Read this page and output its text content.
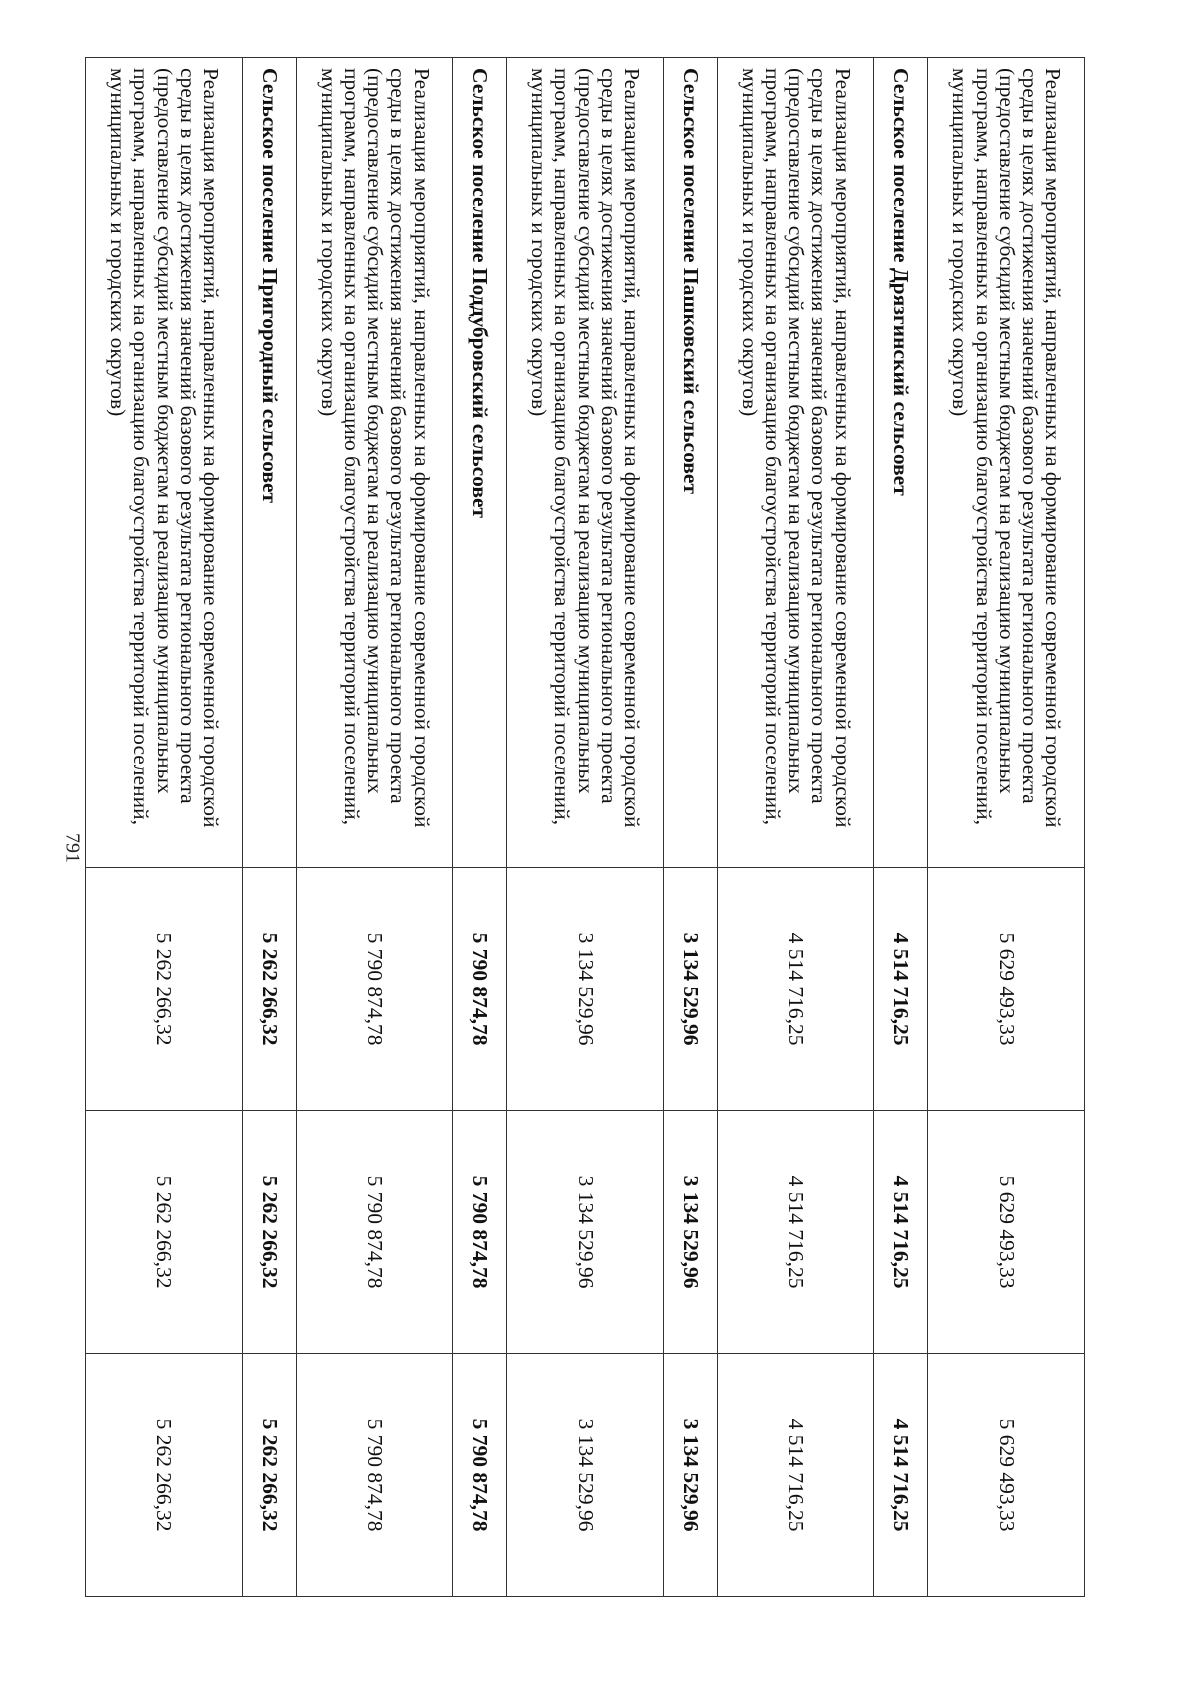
791
Реализация мероприятий, направленных на формирование современной городской среды в целях достижения значений базового результата регионального проекта (предоставление субсидий местным бюджетам на реализацию муниципальных программ, направленных на организацию благоустройства территорий поселений, муниципальных и городских округов)	5 629 493,33	5 629 493,33	5 629 493,33
Сельское поселение Дрязгинский сельсовет	4 514 716,25	4 514 716,25	4 514 716,25
Реализация мероприятий, направленных на формирование современной городской среды в целях достижения значений базового результата регионального проекта (предоставление субсидий местным бюджетам на реализацию муниципальных программ, направленных на организацию благоустройства территорий поселений, муниципальных и городских округов)	4 514 716,25	4 514 716,25	4 514 716,25
Сельское поселение Пашковский сельсовет	3 134 529,96	3 134 529,96	3 134 529,96
Реализация мероприятий, направленных на формирование современной городской среды в целях достижения значений базового результата регионального проекта (предоставление субсидий местным бюджетам на реализацию муниципальных программ, направленных на организацию благоустройства территорий поселений, муниципальных и городских округов)	3 134 529,96	3 134 529,96	3 134 529,96
Сельское поселение Поддубровский сельсовет	5 790 874,78	5 790 874,78	5 790 874,78
Реализация мероприятий, направленных на формирование современной городской среды в целях достижения значений базового результата регионального проекта (предоставление субсидий местным бюджетам на реализацию муниципальных программ, направленных на организацию благоустройства территорий поселений, муниципальных и городских округов)	5 790 874,78	5 790 874,78	5 790 874,78
Сельское поселение Пригородный сельсовет	5 262 266,32	5 262 266,32	5 262 266,32
Реализация мероприятий, направленных на формирование современной городской среды в целях достижения значений базового результата регионального проекта (предоставление субсидий местным бюджетам на реализацию муниципальных программ, направленных на организацию благоустройства территорий поселений, муниципальных и городских округов)	5 262 266,32	5 262 266,32	5 262 266,32
